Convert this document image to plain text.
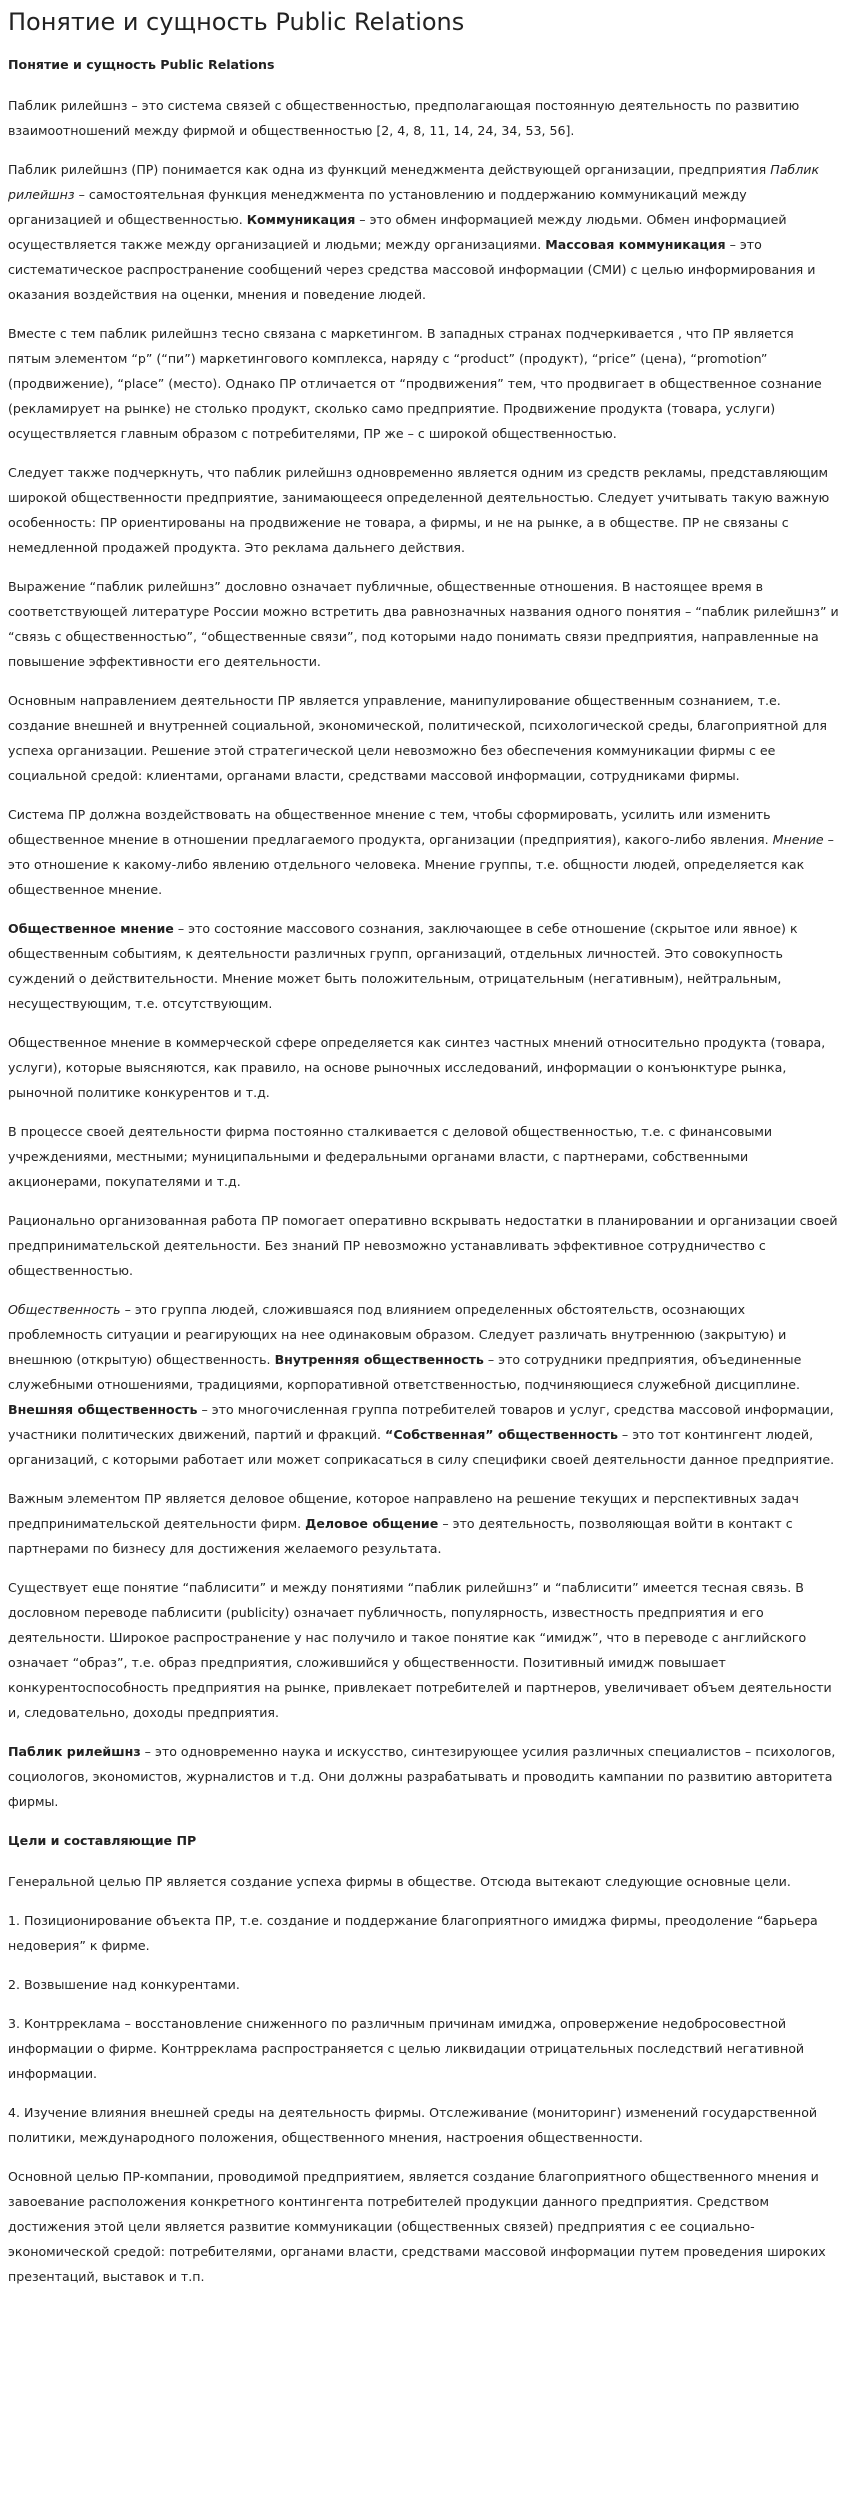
Понятие и сущность Public Relations

Понятие и сущность Public Relations

Паблик рилейшнз – это система связей с общественностью, предполагающая постоянную деятельность по развитию взаимоотношений между фирмой и общественностью [2, 4, 8, 11, 14, 24, 34, 53, 56].

Паблик рилейшнз (ПР) понимается как одна из функций менеджмента действующей организации, предприятия Паблик рилейшнз – самостоятельная функция менеджмента по установлению и поддержанию коммуникаций между организацией и общественностью. Коммуникация – это обмен информацией между людьми. Обмен информацией осуществляется также между организацией и людьми; между организациями. Массовая коммуникация – это систематическое распространение сообщений через средства массовой информации (СМИ) с целью информирования и оказания воздействия на оценки, мнения и поведение людей.

Вместе с тем паблик рилейшнз тесно связана с маркетингом. В западных странах подчеркивается , что ПР является пятым элементом “p” (“пи”) маркетингового комплекса, наряду с “product” (продукт), “price” (цена), “promotion” (продвижение), “place” (место). Однако ПР отличается от “продвижения” тем, что продвигает в общественное сознание (рекламирует на рынке) не столько продукт, сколько само предприятие. Продвижение продукта (товара, услуги) осуществляется главным образом с потребителями, ПР же – с широкой общественностью.

Следует также подчеркнуть, что паблик рилейшнз одновременно является одним из средств рекламы, представляющим широкой общественности предприятие, занимающееся определенной деятельностью. Следует учитывать такую важную особенность: ПР ориентированы на продвижение не товара, а фирмы, и не на рынке, а в обществе. ПР не связаны с немедленной продажей продукта. Это реклама дальнего действия.

Выражение “паблик рилейшнз” дословно означает публичные, общественные отношения. В настоящее время в соответствующей литературе России можно встретить два равнозначных названия одного понятия – “паблик рилейшнз” и “связь с общественностью”, “общественные связи”, под которыми надо понимать связи предприятия, направленные на повышение эффективности его деятельности.

Основным направлением деятельности ПР является управление, манипулирование общественным сознанием, т.е. создание внешней и внутренней социальной, экономической, политической, психологической среды, благоприятной для успеха организации. Решение этой стратегической цели невозможно без обеспечения коммуникации фирмы с ее социальной средой: клиентами, органами власти, средствами массовой информации, сотрудниками фирмы.

Система ПР должна воздействовать на общественное мнение с тем, чтобы сформировать, усилить или изменить общественное мнение в отношении предлагаемого продукта, организации (предприятия), какого-либо явления. Мнение – это отношение к какому-либо явлению отдельного человека. Мнение группы, т.е. общности людей, определяется как общественное мнение.

Общественное мнение – это состояние массового сознания, заключающее в себе отношение (скрытое или явное) к общественным событиям, к деятельности различных групп, организаций, отдельных личностей. Это совокупность суждений о действительности. Мнение может быть положительным, отрицательным (негативным), нейтральным, несуществующим, т.е. отсутствующим.

Общественное мнение в коммерческой сфере определяется как синтез частных мнений относительно продукта (товара, услуги), которые выясняются, как правило, на основе рыночных исследований, информации о конъюнктуре рынка, рыночной политике конкурентов и т.д.

В процессе своей деятельности фирма постоянно сталкивается с деловой общественностью, т.е. с финансовыми учреждениями, местными; муниципальными и федеральными органами власти, с партнерами, собственными акционерами, покупателями и т.д.

Рационально организованная работа ПР помогает оперативно вскрывать недостатки в планировании и организации своей предпринимательской деятельности. Без знаний ПР невозможно устанавливать эффективное сотрудничество с общественностью.

Общественность – это группа людей, сложившаяся под влиянием определенных обстоятельств, осознающих проблемность ситуации и реагирующих на нее одинаковым образом. Следует различать внутреннюю (закрытую) и внешнюю (открытую) общественность. Внутренняя общественность – это сотрудники предприятия, объединенные служебными отношениями, традициями, корпоративной ответственностью, подчиняющиеся служебной дисциплине. Внешняя общественность – это многочисленная группа потребителей товаров и услуг, средства массовой информации, участники политических движений, партий и фракций. “Собственная” общественность – это тот контингент людей, организаций, с которыми работает или может соприкасаться в силу специфики своей деятельности данное предприятие.

Важным элементом ПР является деловое общение, которое направлено на решение текущих и перспективных задач предпринимательской деятельности фирм. Деловое общение – это деятельность, позволяющая войти в контакт с партнерами по бизнесу для достижения желаемого результата.

Существует еще понятие “паблисити” и между понятиями “паблик рилейшнз” и “паблисити” имеется тесная связь. В дословном переводе паблисити (publicity) означает публичность, популярность, известность предприятия и его деятельности. Широкое распространение у нас получило и такое понятие как “имидж”, что в переводе с английского означает “образ”, т.е. образ предприятия, сложившийся у общественности. Позитивный имидж повышает конкурентоспособность предприятия на рынке, привлекает потребителей и партнеров, увеличивает объем деятельности и, следовательно, доходы предприятия.

Паблик рилейшнз – это одновременно наука и искусство, синтезирующее усилия различных специалистов – психологов, социологов, экономистов, журналистов и т.д. Они должны разрабатывать и проводить кампании по развитию авторитета фирмы.

Цели и составляющие ПР

Генеральной целью ПР является создание успеха фирмы в обществе. Отсюда вытекают следующие основные цели.

1. Позиционирование объекта ПР, т.е. создание и поддержание благоприятного имиджа фирмы, преодоление “барьера недоверия” к фирме.

2. Возвышение над конкурентами.

3. Контрреклама – восстановление сниженного по различным причинам имиджа, опровержение недобросовестной информации о фирме. Контрреклама распространяется с целью ликвидации отрицательных последствий негативной информации.

4. Изучение влияния внешней среды на деятельность фирмы. Отслеживание (мониторинг) изменений государственной политики, международного положения, общественного мнения, настроения общественности.

Основной целью ПР-компании, проводимой предприятием, является создание благоприятного общественного мнения и завоевание расположения конкретного контингента потребителей продукции данного предприятия. Средством достижения этой цели является развитие коммуникации (общественных связей) предприятия с ее социально-экономической средой: потребителями, органами власти, средствами массовой информации путем проведения широких презентаций, выставок и т.п.
